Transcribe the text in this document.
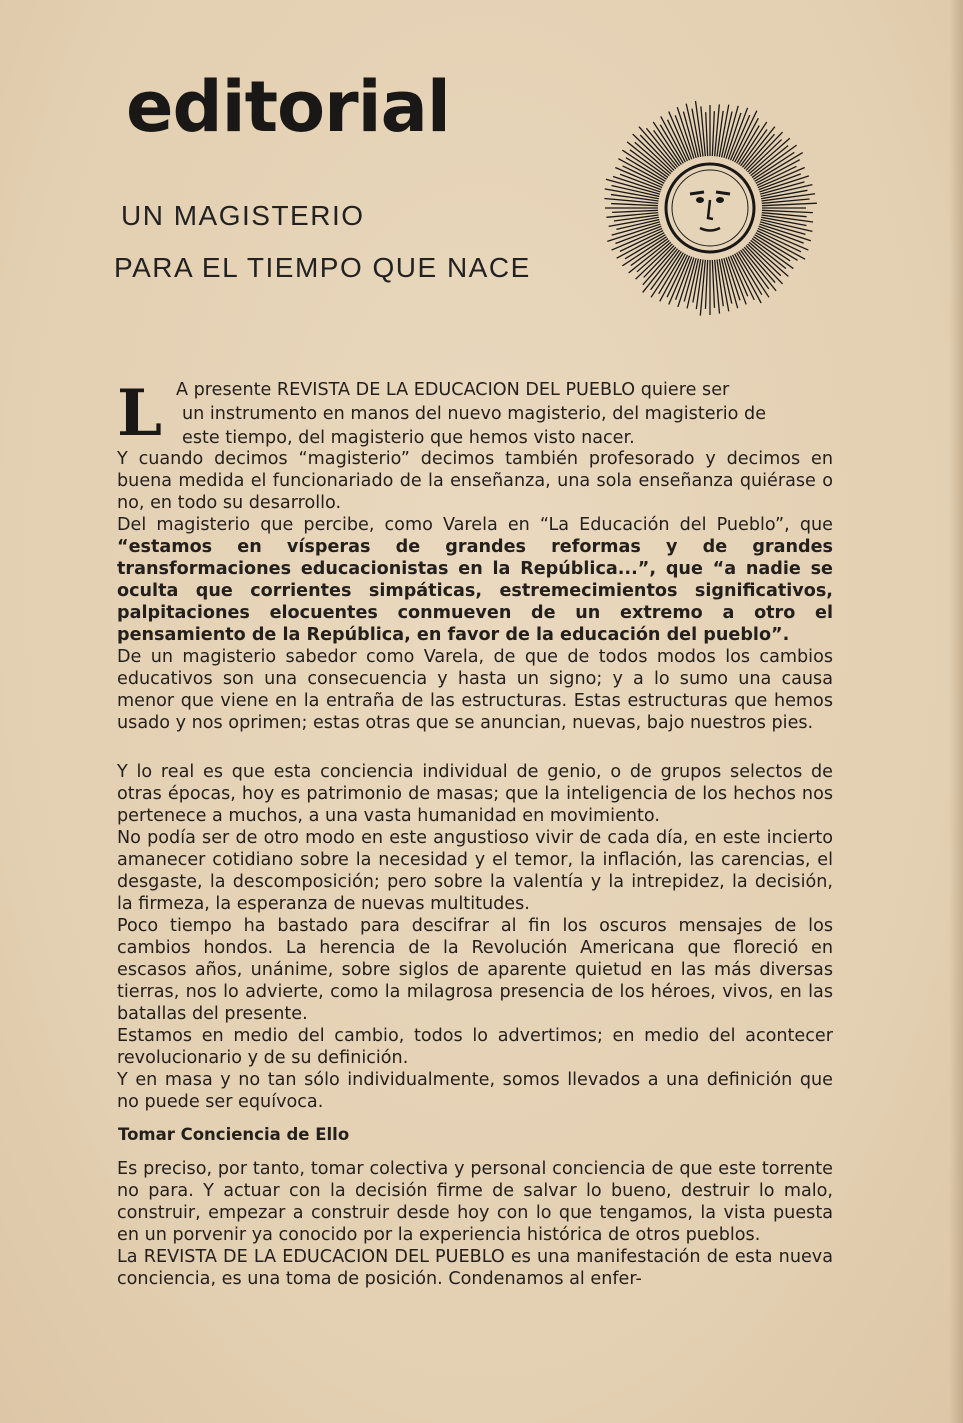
editorial
UN MAGISTERIO
PARA EL TIEMPO QUE NACE
L A presente REVISTA DE LA EDUCACION DEL PUEBLO quiere ser

un instrumento en manos del nuevo magisterio, del magisterio de

este tiempo, del magisterio que hemos visto nacer.

Y cuando decimos “magisterio” decimos también profesorado y decimos en buena medida el funcionariado de la enseñanza, una sola enseñanza quiérase o no, en todo su desarrollo.

Del magisterio que percibe, como Varela en “La Educación del Pueblo”, que “estamos en vísperas de grandes reformas y de grandes transformaciones educacionistas en la República...”, que “a nadie se oculta que corrientes simpáticas, estremecimientos significativos, palpitaciones elocuentes conmueven de un extremo a otro el pensamiento de la República, en favor de la educación del pueblo”.

De un magisterio sabedor como Varela, de que de todos modos los cambios educativos son una consecuencia y hasta un signo; y a lo sumo una causa menor que viene en la entraña de las estructuras. Estas estructuras que hemos usado y nos oprimen; estas otras que se anuncian, nuevas, bajo nuestros pies.

Y lo real es que esta conciencia individual de genio, o de grupos selectos de otras épocas, hoy es patrimonio de masas; que la inteligencia de los hechos nos pertenece a muchos, a una vasta humanidad en movimiento.

No podía ser de otro modo en este angustioso vivir de cada día, en este incierto amanecer cotidiano sobre la necesidad y el temor, la inflación, las carencias, el desgaste, la descomposición; pero sobre la valentía y la intrepidez, la decisión, la firmeza, la esperanza de nuevas multitudes.

Poco tiempo ha bastado para descifrar al fin los oscuros mensajes de los cambios hondos. La herencia de la Revolución Americana que floreció en escasos años, unánime, sobre siglos de aparente quietud en las más diversas tierras, nos lo advierte, como la milagrosa presencia de los héroes, vivos, en las batallas del presente.

Estamos en medio del cambio, todos lo advertimos; en medio del acontecer revolucionario y de su definición.

Y en masa y no tan sólo individualmente, somos llevados a una definición que no puede ser equívoca.

Tomar Conciencia de Ello

Es preciso, por tanto, tomar colectiva y personal conciencia de que este torrente no para. Y actuar con la decisión firme de salvar lo bueno, destruir lo malo, construir, empezar a construir desde hoy con lo que tengamos, la vista puesta en un porvenir ya conocido por la experiencia histórica de otros pueblos.

La REVISTA DE LA EDUCACION DEL PUEBLO es una manifestación de esta nueva conciencia, es una toma de posición. Condenamos al enfer-
